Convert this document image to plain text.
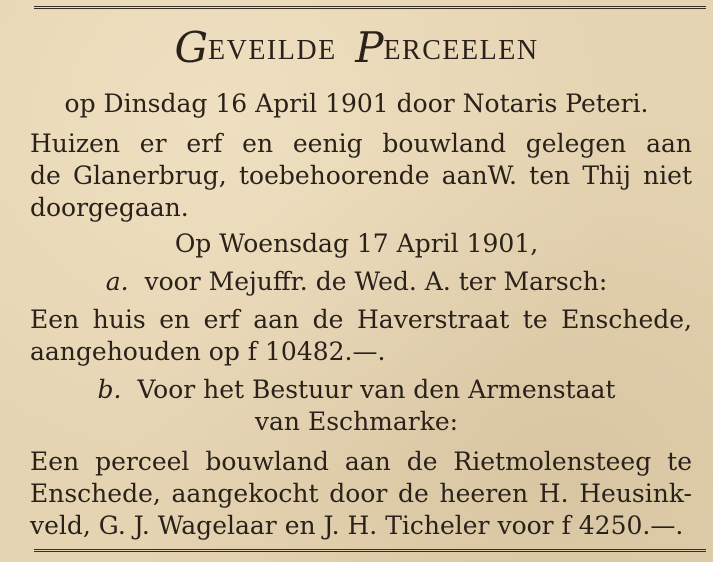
GEVEILDE PERCEELEN
op Dinsdag 16 April 1901 door Notaris Peteri.
Huizen er erf en eenig bouwland gelegen aan
de Glanerbrug, toebehoorende aanW. ten Thij niet
doorgegaan.
Op Woensdag 17 April 1901,
a. voor Mejuffr. de Wed. A. ter Marsch:
Een huis en erf aan de Haverstraat te Enschede,
aangehouden op f 10482.—.
b. Voor het Bestuur van den Armenstaat
van Eschmarke:
Een perceel bouwland aan de Rietmolensteeg te
Enschede, aangekocht door de heeren H. Heusink-
veld, G. J. Wagelaar en J. H. Ticheler voor f 4250.—.
